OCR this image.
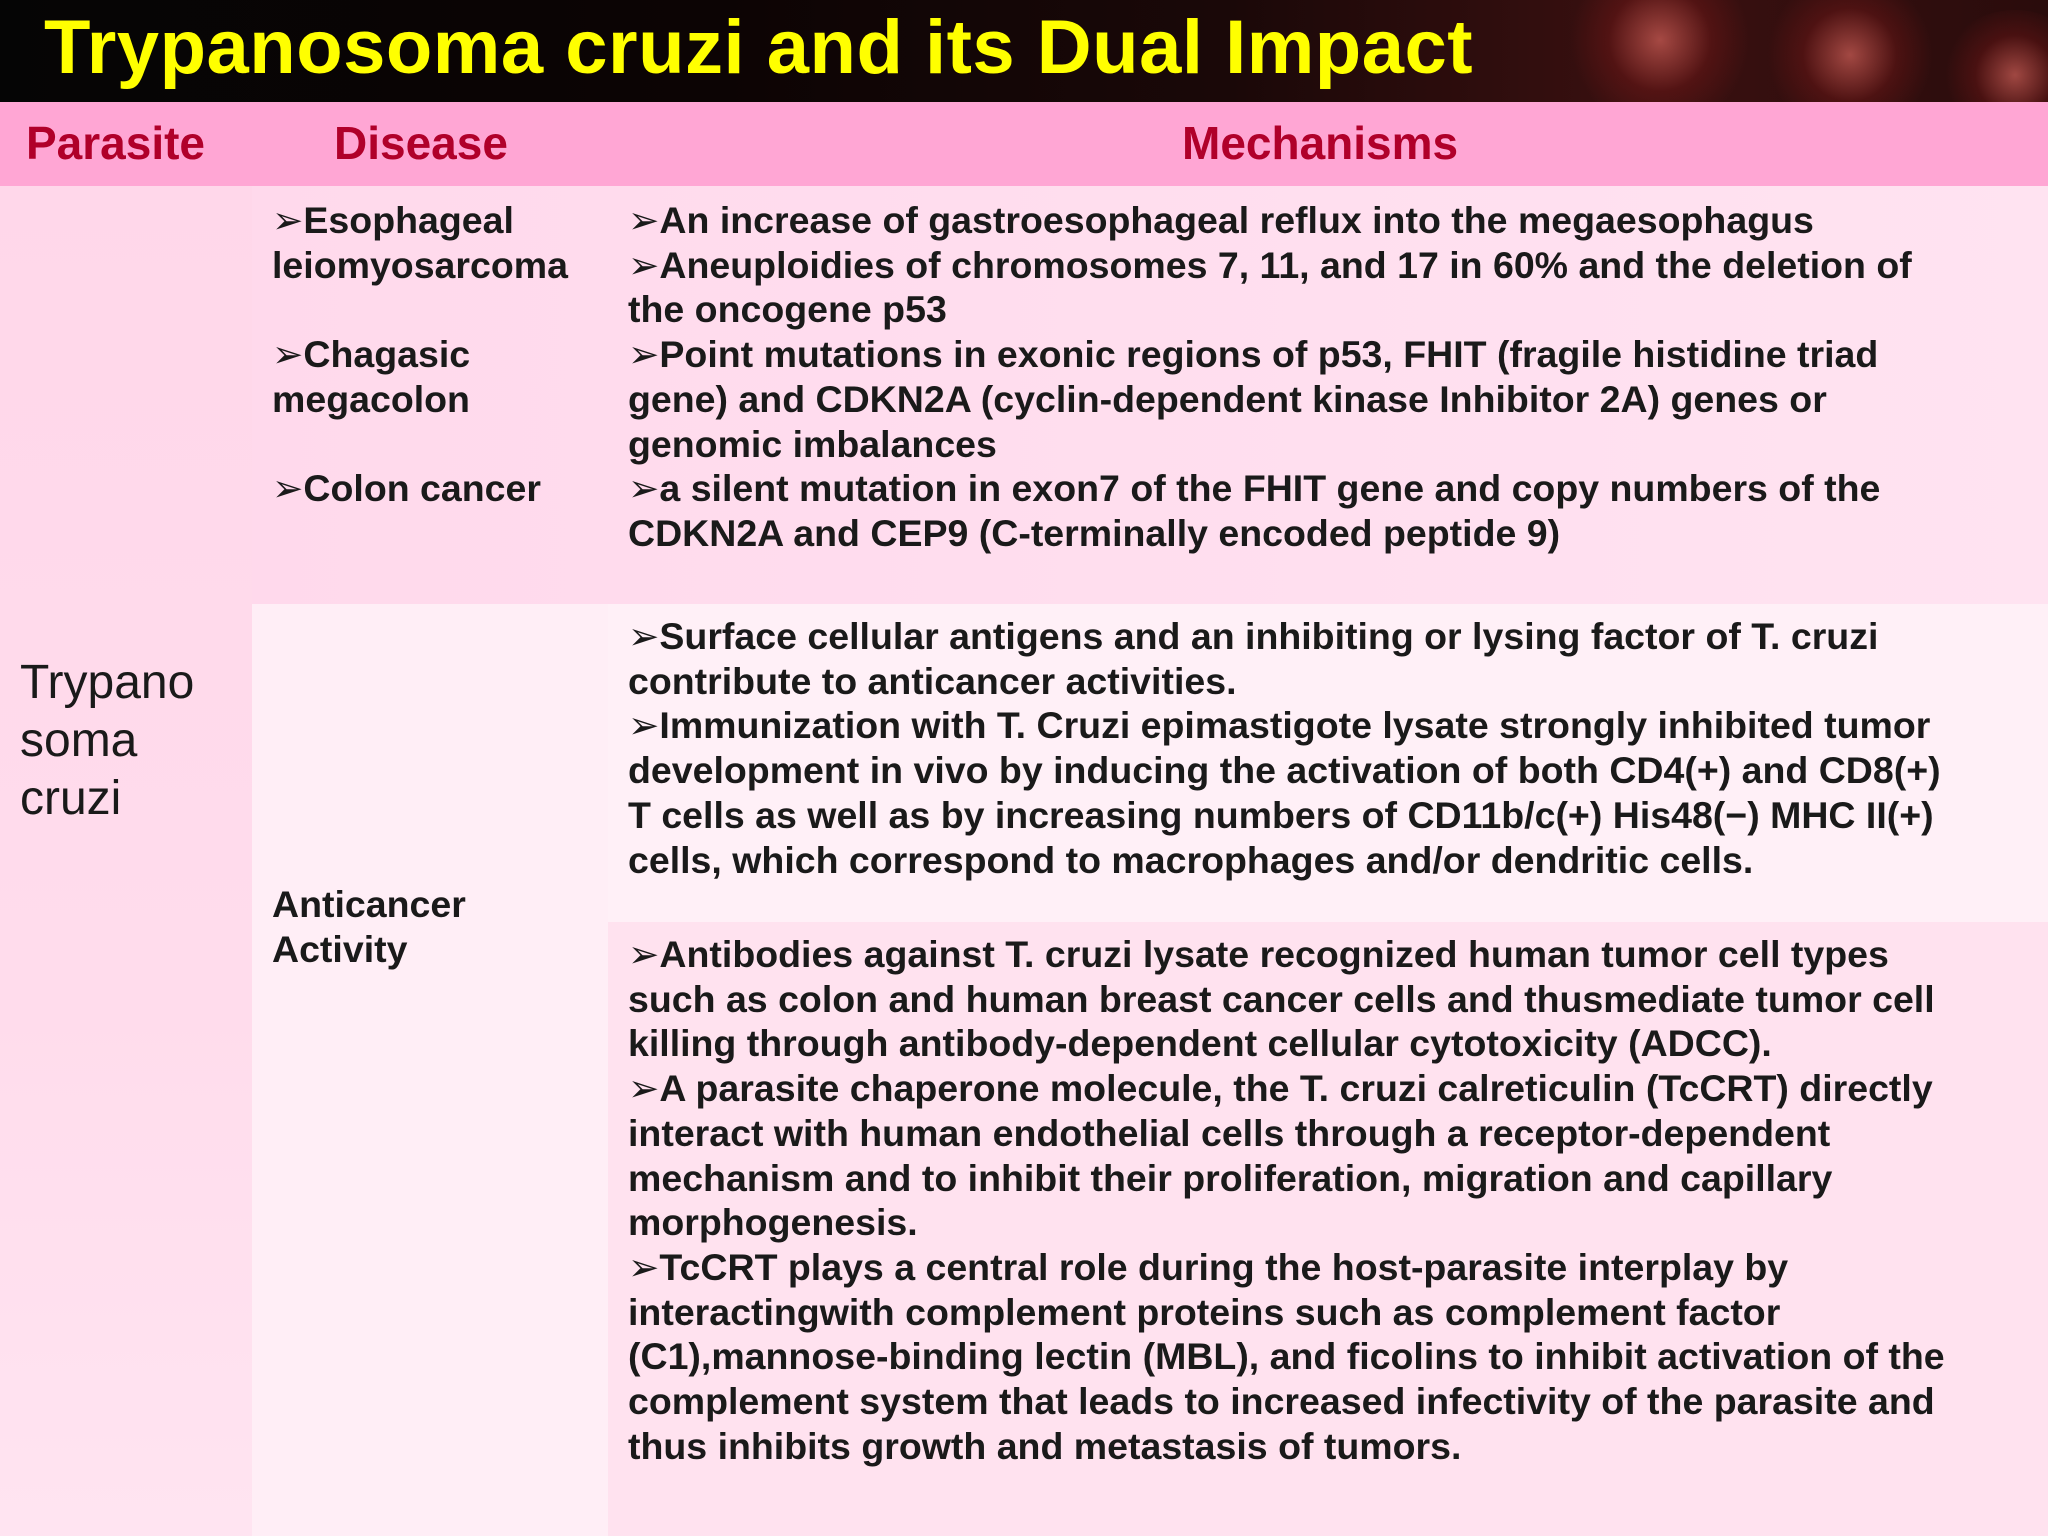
Trypanosoma cruzi and its Dual Impact
Parasite	Disease	Mechanisms
Trypano
soma
cruzi

➢Esophageal

leiomyosarcoma

➢Chagasic

megacolon

➢Colon cancer

➢An increase of gastroesophageal reflux into the megaesophagus

➢Aneuploidies of chromosomes 7, 11, and 17 in 60% and the deletion of

the oncogene p53

➢Point mutations in exonic regions of p53, FHIT (fragile histidine triad

gene) and CDKN2A (cyclin-dependent kinase Inhibitor 2A) genes or

genomic imbalances

➢a silent mutation in exon7 of the FHIT gene and copy numbers of the

CDKN2A and CEP9 (C-terminally encoded peptide 9)

Anticancer

Activity

➢Surface cellular antigens and an inhibiting or lysing factor of T. cruzi

contribute to anticancer activities.

➢Immunization with T. Cruzi epimastigote lysate strongly inhibited tumor

development in vivo by inducing the activation of both CD4(+) and CD8(+)

T cells as well as by increasing numbers of CD11b/c(+) His48(−) MHC II(+)

cells, which correspond to macrophages and/or dendritic cells.

➢Antibodies against T. cruzi lysate recognized human tumor cell types

such as colon and human breast cancer cells and thusmediate tumor cell

killing through antibody-dependent cellular cytotoxicity (ADCC).

➢A parasite chaperone molecule, the T. cruzi calreticulin (TcCRT) directly

interact with human endothelial cells through a receptor-dependent

mechanism and to inhibit their proliferation, migration and capillary

morphogenesis.

➢TcCRT plays a central role during the host-parasite interplay by

interactingwith complement proteins such as complement factor

(C1),mannose-binding lectin (MBL), and ficolins to inhibit activation of the

complement system that leads to increased infectivity of the parasite and

thus inhibits growth and metastasis of tumors.
